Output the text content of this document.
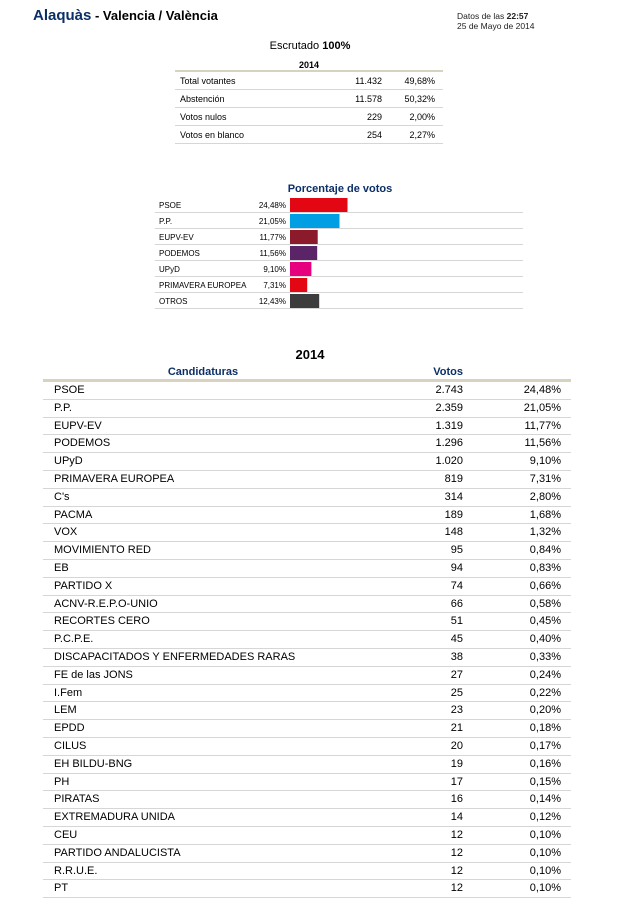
Alaquàs - Valencia / València	Datos de las 22:57
25 de Mayo de 2014
Escrutado 100%
2014
Total votantes	11.432	49,68%
Abstención	11.578	50,32%
Votos nulos	229	2,00%
Votos en blanco	254	2,27%
Porcentaje de votos
PSOE	24,48%
P.P.	21,05%
EUPV-EV	11,77%
PODEMOS	11,56%
UPyD	9,10%
PRIMAVERA EUROPEA 7,31%
OTROS	12,43%
2014
Candidaturas	Votos
PSOE	2.743	24,48%
P.P.	2.359	21,05%
EUPV-EV	1.319	11,77%
PODEMOS	1.296	11,56%
UPyD	1.020	9,10%
PRIMAVERA EUROPEA	819	7,31%
C's	314	2,80%
PACMA	189	1,68%
VOX	148	1,32%
MOVIMIENTO RED	95	0,84%
EB	94	0,83%
PARTIDO X	74	0,66%
ACNV-R.E.P.O-UNIO	66	0,58%
RECORTES CERO	51	0,45%
P.C.P.E.	45	0,40%
DISCAPACITADOS Y ENFERMEDADES RARAS	38	0,33%
FE de las JONS	27	0,24%
I.Fem	25	0,22%
LEM	23	0,20%
EPDD	21	0,18%
CILUS	20	0,17%
EH BILDU-BNG	19	0,16%
PH	17	0,15%
PIRATAS	16	0,14%
EXTREMADURA UNIDA	14	0,12%
CEU	12	0,10%
PARTIDO ANDALUCISTA	12	0,10%
R.R.U.E.	12	0,10%
PT	12	0,10%
